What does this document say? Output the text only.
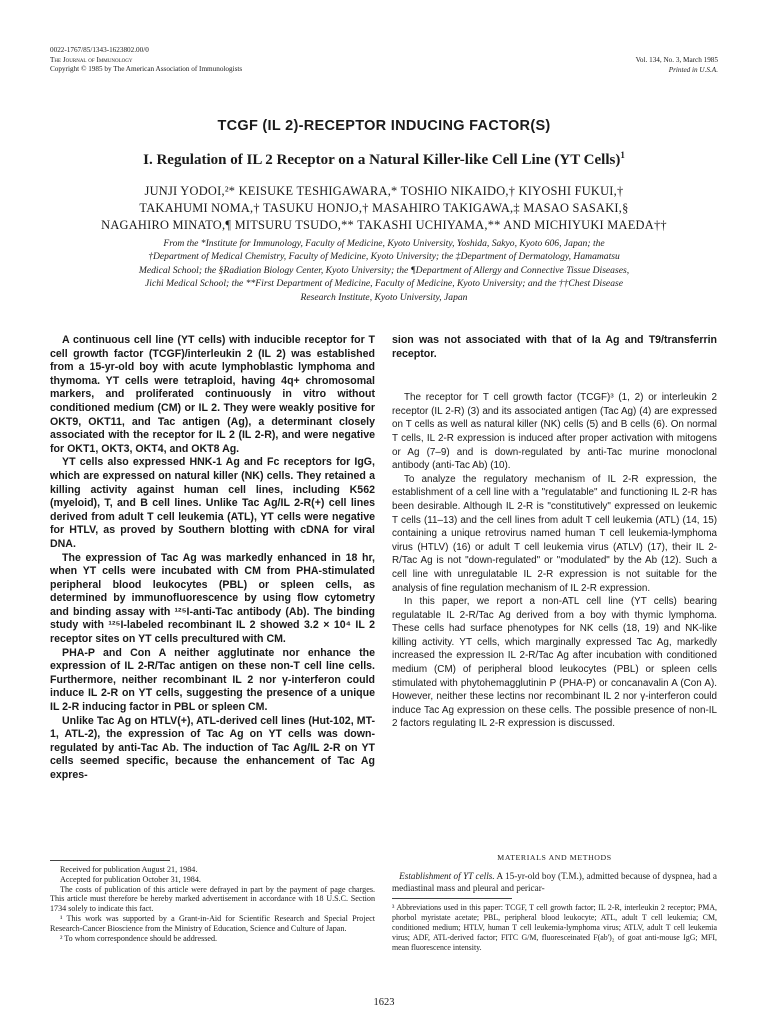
0022-1767/85/1343-1623802.00/0
The Journal of Immunology
Copyright © 1985 by The American Association of Immunologists
Vol. 134, No. 3, March 1985
Printed in U.S.A.
TCGF (IL 2)-RECEPTOR INDUCING FACTOR(S)
I. Regulation of IL 2 Receptor on a Natural Killer-like Cell Line (YT Cells)$^1$
JUNJI YODOI,²* KEISUKE TESHIGAWARA,* TOSHIO NIKAIDO,† KIYOSHI FUKUI,†
TAKAHUMI NOMA,† TASUKU HONJO,† MASAHIRO TAKIGAWA,‡ MASAO SASAKI,§
NAGAHIRO MINATO,¶ MITSURU TSUDO,** TAKASHI UCHIYAMA,** AND MICHIYUKI MAEDA††
From the *Institute for Immunology, Faculty of Medicine, Kyoto University, Yoshida, Sakyo, Kyoto 606, Japan; the
†Department of Medical Chemistry, Faculty of Medicine, Kyoto University; the ‡Department of Dermatology, Hamamatsu
Medical School; the §Radiation Biology Center, Kyoto University; the ¶Department of Allergy and Connective Tissue Diseases,
Jichi Medical School; the **First Department of Medicine, Faculty of Medicine, Kyoto University; and the ††Chest Disease
Research Institute, Kyoto University, Japan

A continuous cell line (YT cells) with inducible receptor for T cell growth factor (TCGF)/interleukin 2 (IL 2) was established from a 15-yr-old boy with acute lymphoblastic lymphoma and thymoma. YT cells were tetraploid, having 4q+ chromosomal markers, and proliferated continuously in vitro without conditioned medium (CM) or IL 2. They were weakly positive for OKT9, OKT11, and Tac antigen (Ag), a determinant closely associated with the receptor for IL 2 (IL 2-R), and were negative for OKT1, OKT3, OKT4, and OKT8 Ag.

YT cells also expressed HNK-1 Ag and Fc receptors for IgG, which are expressed on natural killer (NK) cells. They retained a killing activity against human cell lines, including K562 (myeloid), T, and B cell lines. Unlike Tac Ag/IL 2-R(+) cell lines derived from adult T cell leukemia (ATL), YT cells were negative for HTLV, as proved by Southern blotting with cDNA for viral DNA.

The expression of Tac Ag was markedly enhanced in 18 hr, when YT cells were incubated with CM from PHA-stimulated peripheral blood leukocytes (PBL) or spleen cells, as determined by immunofluorescence by using flow cytometry and binding assay with ¹²⁵I-anti-Tac antibody (Ab). The binding study with ¹²⁵I-labeled recombinant IL 2 showed 3.2 × 10⁴ IL 2 receptor sites on YT cells precultured with CM.

PHA-P and Con A neither agglutinate nor enhance the expression of IL 2-R/Tac antigen on these non-T cell line cells. Furthermore, neither recombinant IL 2 nor γ-interferon could induce IL 2-R on YT cells, suggesting the presence of a unique IL 2-R inducing factor in PBL or spleen CM.

Unlike Tac Ag on HTLV(+), ATL-derived cell lines (Hut-102, MT-1, ATL-2), the expression of Tac Ag on YT cells was down-regulated by anti-Tac Ab. The induction of Tac Ag/IL 2-R on YT cells seemed specific, because the enhancement of Tac Ag expres-

sion was not associated with that of Ia Ag and T9/transferrin receptor.

The receptor for T cell growth factor (TCGF)³ (1, 2) or interleukin 2 receptor (IL 2-R) (3) and its associated antigen (Tac Ag) (4) are expressed on T cells as well as natural killer (NK) cells (5) and B cells (6). On normal T cells, IL 2-R expression is induced after proper activation with mitogens or Ag (7–9) and is down-regulated by anti-Tac murine monoclonal antibody (anti-Tac Ab) (10).

To analyze the regulatory mechanism of IL 2-R expression, the establishment of a cell line with a "regulatable" and functioning IL 2-R has been desirable. Although IL 2-R is "constitutively" expressed on leukemic T cells (11–13) and the cell lines from adult T cell leukemia (ATL) (14, 15) containing a unique retrovirus named human T cell leukemia-lymphoma virus (HTLV) (16) or adult T cell leukemia virus (ATLV) (17), their IL 2-R/Tac Ag is not "down-regulated" or "modulated" by the Ab (12). Such a cell line with unregulatable IL 2-R expression is not suitable for the analysis of fine regulation mechanism of IL 2-R expression.

In this paper, we report a non-ATL cell line (YT cells) bearing regulatable IL 2-R/Tac Ag derived from a boy with thymic lymphoma. These cells had surface phenotypes for NK cells (18, 19) and NK-like killing activity. YT cells, which marginally expressed Tac Ag, markedly increased the expression IL 2-R/Tac Ag after incubation with conditioned medium (CM) of peripheral blood leukocytes (PBL) or spleen cells stimulated with phytohemagglutinin P (PHA-P) or concanavalin A (Con A). However, neither these lectins nor recombinant IL 2 nor γ-interferon could induce Tac Ag expression on these cells. The possible presence of non-IL 2 factors regulating IL 2-R expression is discussed.

Received for publication August 21, 1984.

Accepted for publication October 31, 1984.

The costs of publication of this article were defrayed in part by the payment of page charges. This article must therefore be hereby marked advertisement in accordance with 18 U.S.C. Section 1734 solely to indicate this fact.

¹ This work was supported by a Grant-in-Aid for Scientific Research and Special Project Research-Cancer Bioscience from the Ministry of Education, Science and Culture of Japan.

² To whom correspondence should be addressed.

MATERIALS AND METHODS
Establishment of YT cells. A 15-yr-old boy (T.M.), admitted because of dyspnea, had a mediastinal mass and pleural and pericar-
³ Abbreviations used in this paper: TCGF, T cell growth factor; IL 2-R, interleukin 2 receptor; PMA, phorbol myristate acetate; PBL, peripheral blood leukocyte; ATL, adult T cell leukemia; CM, conditioned medium; HTLV, human T cell leukemia-lymphoma virus; ATLV, adult T cell leukemia virus; ADF, ATL-derived factor; FITC G/M, fluoresceinated F(ab')₂ of goat anti-mouse IgG; MFI, mean fluorescence intensity.
1623
